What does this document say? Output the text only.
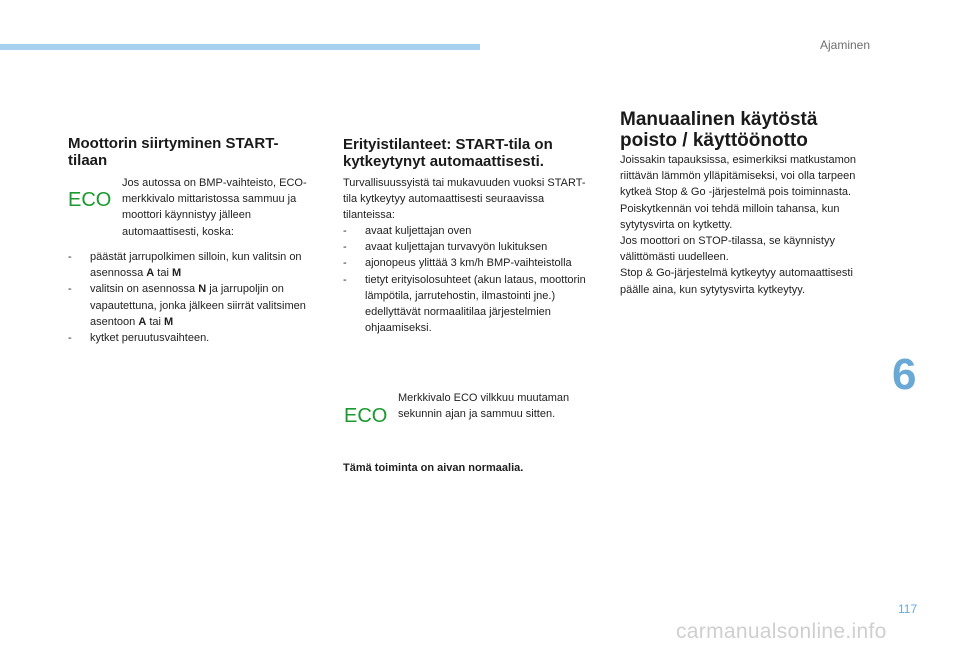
Ajaminen
6
Moottorin siirtyminen START-tilaan
ECO

Jos autossa on BMP-vaihteisto, ECO-merkkivalo mittaristossa sammuu ja moottori käynnistyy jälleen automaattisesti, koska:

- päästät jarrupolkimen silloin, kun valitsin on asennossa A tai M
- valitsin on asennossa N ja jarrupoljin on vapautettuna, jonka jälkeen siirrät valitsimen asentoon A tai M
- kytket peruutusvaihteen.
Erityistilanteet: START-tila on kytkeytynyt automaattisesti.

Turvallisuussyistä tai mukavuuden vuoksi START-tila kytkeytyy automaattisesti seuraavissa tilanteissa:

- avaat kuljettajan oven
- avaat kuljettajan turvavyön lukituksen
- ajonopeus ylittää 3 km/h BMP-vaihteistolla
- tietyt erityisolosuhteet (akun lataus, moottorin lämpötila, jarrutehostin, ilmastointi jne.) edellyttävät normaalitilaa järjestelmien ohjaamiseksi.
ECO

Merkkivalo ECO vilkkuu muutaman sekunnin ajan ja sammuu sitten.

Tämä toiminta on aivan normaalia.

Manuaalinen käytöstä poisto / käyttöönotto
Joissakin tapauksissa, esimerkiksi matkustamon riittävän lämmön ylläpitämiseksi, voi olla tarpeen kytkeä Stop & Go -järjestelmä pois toiminnasta.
Poiskytkennän voi tehdä milloin tahansa, kun sytytysvirta on kytketty.
Jos moottori on STOP-tilassa, se käynnistyy välittömästi uudelleen.
Stop & Go-järjestelmä kytkeytyy automaattisesti päälle aina, kun sytytysvirta kytkeytyy.
117
carmanualsonline.info
